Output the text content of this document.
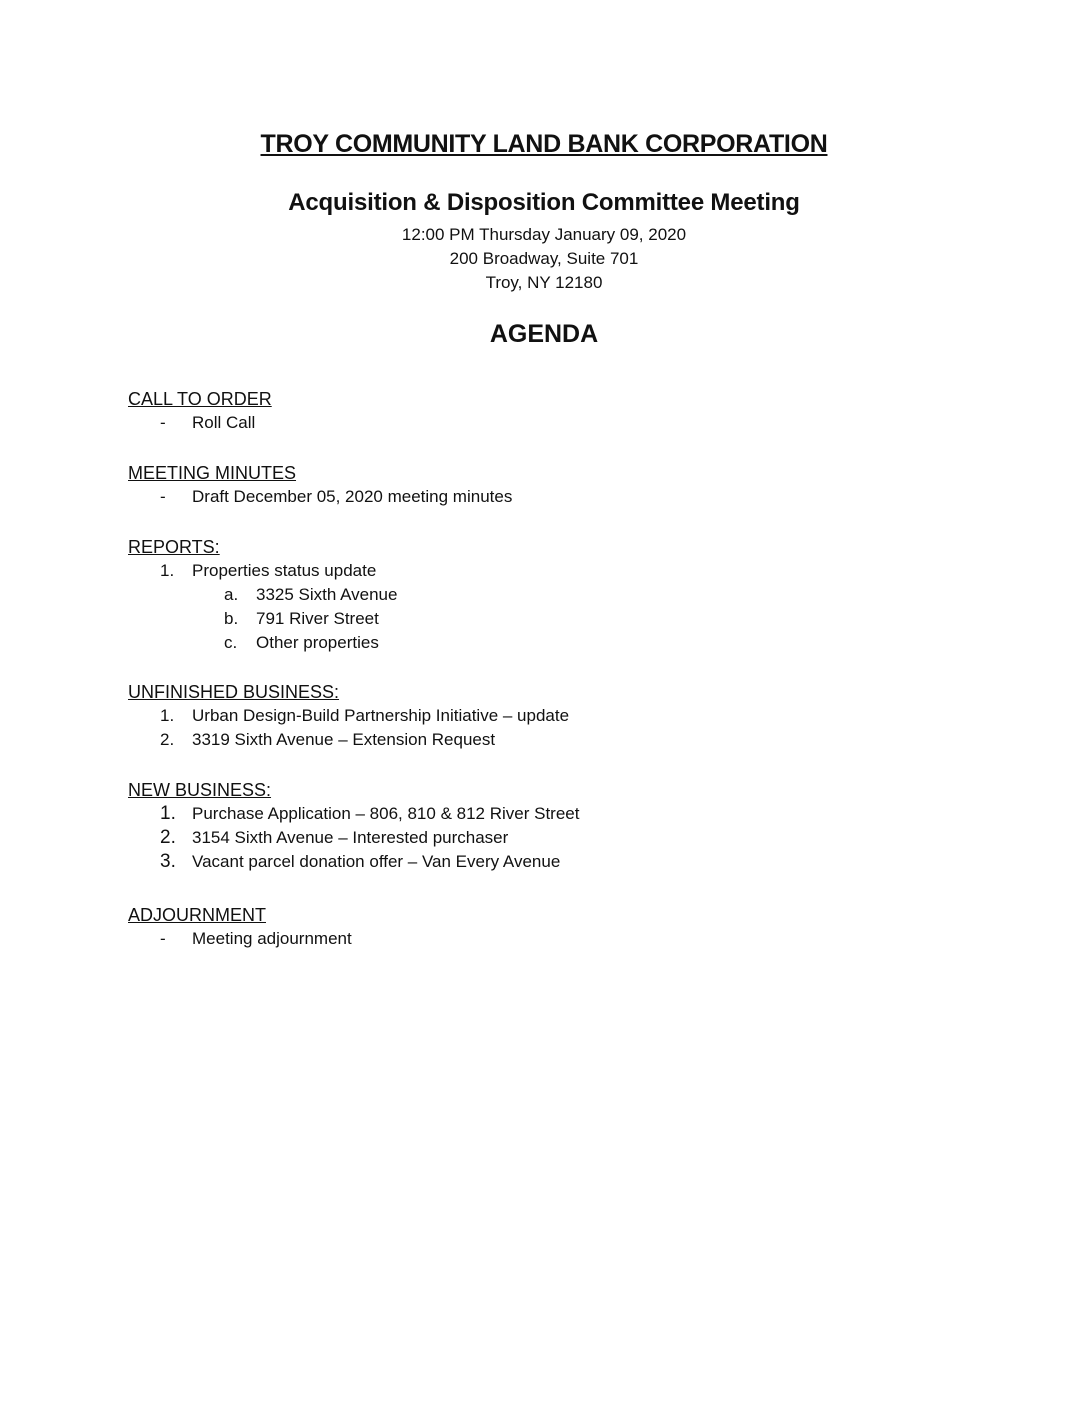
TROY COMMUNITY LAND BANK CORPORATION
Acquisition & Disposition Committee Meeting
12:00 PM Thursday January 09, 2020
200 Broadway, Suite 701
Troy, NY 12180
AGENDA
CALL TO ORDER
-	Roll Call
MEETING MINUTES
-	Draft December 05, 2020 meeting minutes
REPORTS:
1.	Properties status update
a.	3325 Sixth Avenue
b.	791 River Street
c.	Other properties
UNFINISHED BUSINESS:
1.	Urban Design-Build Partnership Initiative – update
2.	3319 Sixth Avenue – Extension Request
NEW BUSINESS:
1. Purchase Application – 806, 810 & 812 River Street
2. 3154 Sixth Avenue – Interested purchaser
3. Vacant parcel donation offer – Van Every Avenue
ADJOURNMENT
-	Meeting adjournment
